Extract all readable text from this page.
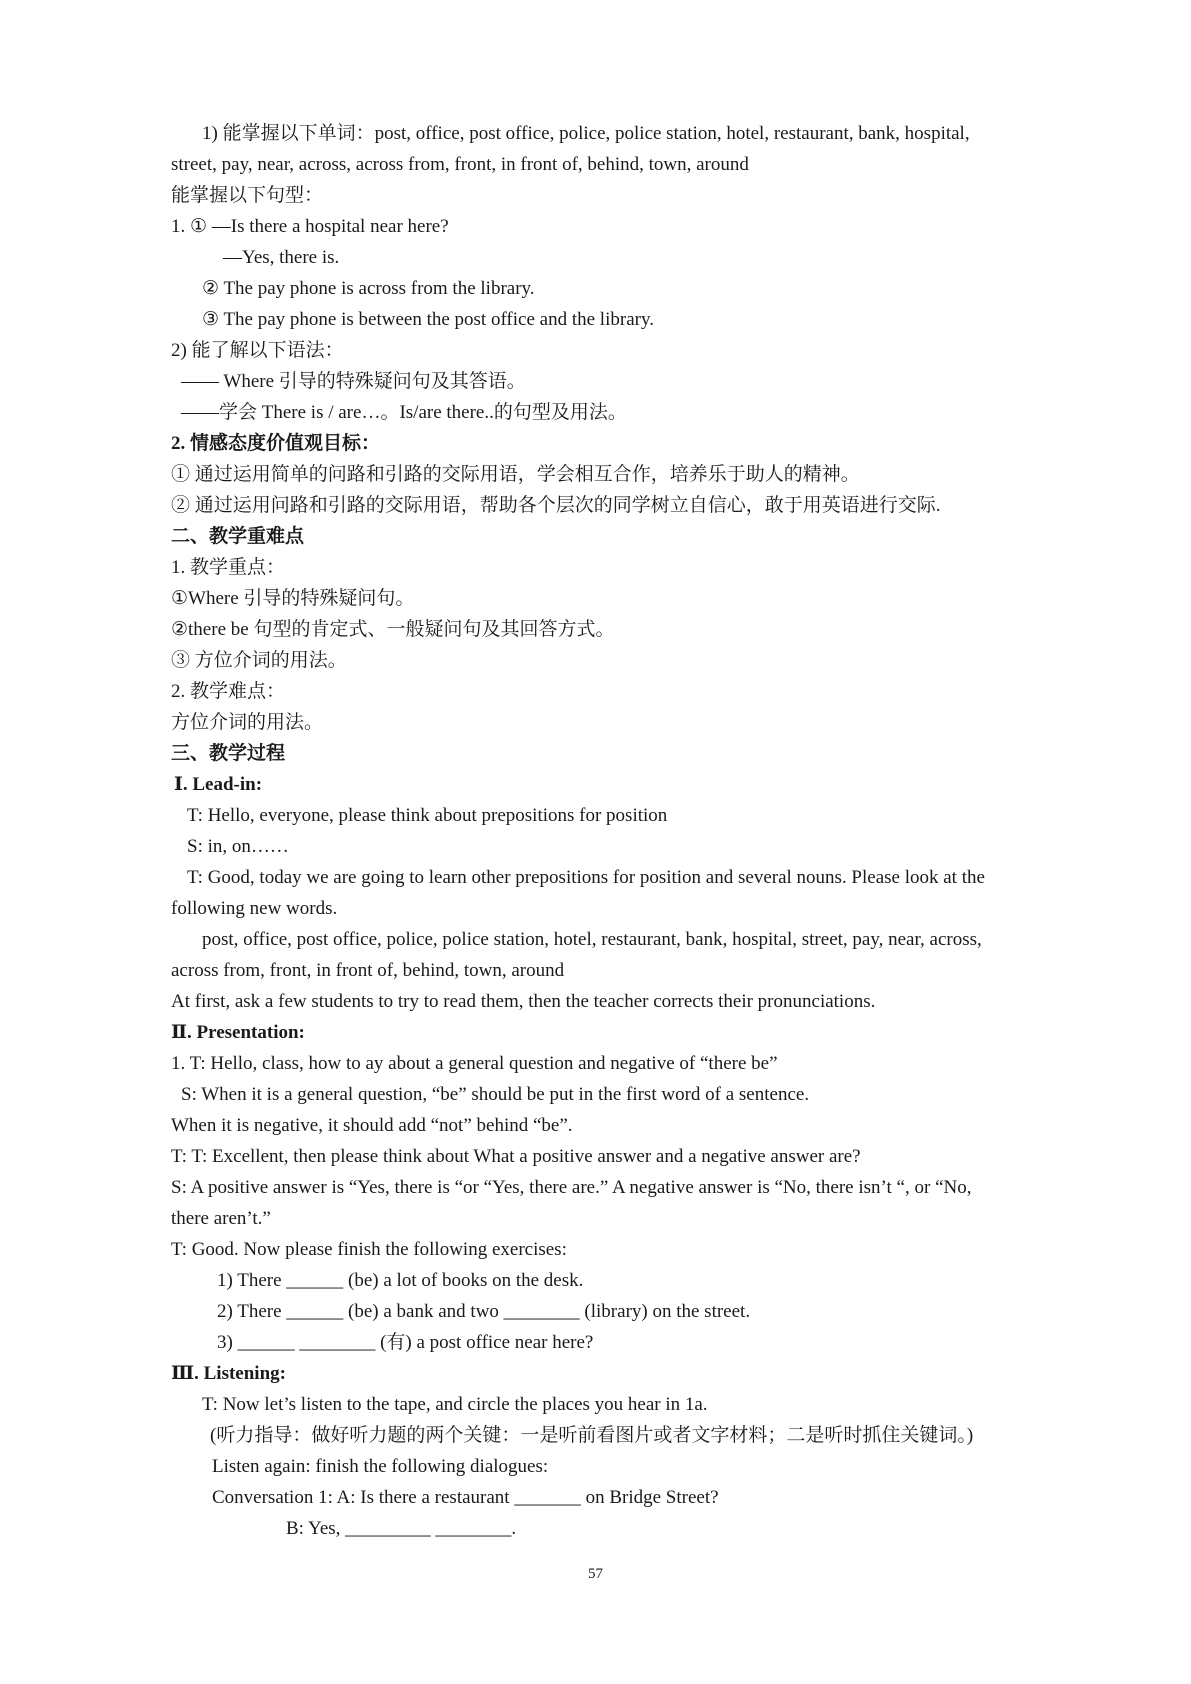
1) 能掌握以下单词：post, office, post office, police, police station, hotel, restaurant, bank, hospital,
street, pay, near, across, across from, front, in front of, behind, town, around
能掌握以下句型：
1. ① —Is there a hospital near here?
—Yes, there is.
② The pay phone is across from the library.
③ The pay phone is between the post office and the library.
2) 能了解以下语法：
—— Where 引导的特殊疑问句及其答语。
——学会 There is / are…。Is/are there..的句型及用法。
2. 情感态度价值观目标：
① 通过运用简单的问路和引路的交际用语，学会相互合作，培养乐于助人的精神。
② 通过运用问路和引路的交际用语，帮助各个层次的同学树立自信心，敢于用英语进行交际.
二、教学重难点
1. 教学重点：
①Where 引导的特殊疑问句。
②there be 句型的肯定式、一般疑问句及其回答方式。
③ 方位介词的用法。
2. 教学难点：
方位介词的用法。
三、教学过程
Ⅰ. Lead-in:
T: Hello, everyone, please think about prepositions for position
S: in, on……
T: Good, today we are going to learn other prepositions for position and several nouns. Please look at the
following new words.
post, office, post office, police, police station, hotel, restaurant, bank, hospital, street, pay, near, across,
across from, front, in front of, behind, town, around
At first, ask a few students to try to read them, then the teacher corrects their pronunciations.
Ⅱ. Presentation:
1. T: Hello, class, how to ay about a general question and negative of “there be”
S: When it is a general question, “be” should be put in the first word of a sentence.
When it is negative, it should add “not” behind “be”.
T: T: Excellent, then please think about What a positive answer and a negative answer are?
S: A positive answer is “Yes, there is “or “Yes, there are.” A negative answer is “No, there isn’t “, or “No,
there aren’t.”
T: Good. Now please finish the following exercises:
1) There ______ (be) a lot of books on the desk.
2) There ______ (be) a bank and two ________ (library) on the street.
3) ______ ________ (有) a post office near here?
Ⅲ. Listening:
T: Now let’s listen to the tape, and circle the places you hear in 1a.
(听力指导：做好听力题的两个关键：一是听前看图片或者文字材料；二是听时抓住关键词。)
Listen again: finish the following dialogues:
Conversation 1: A: Is there a restaurant _______ on Bridge Street?
B: Yes, _________ ________.
57
